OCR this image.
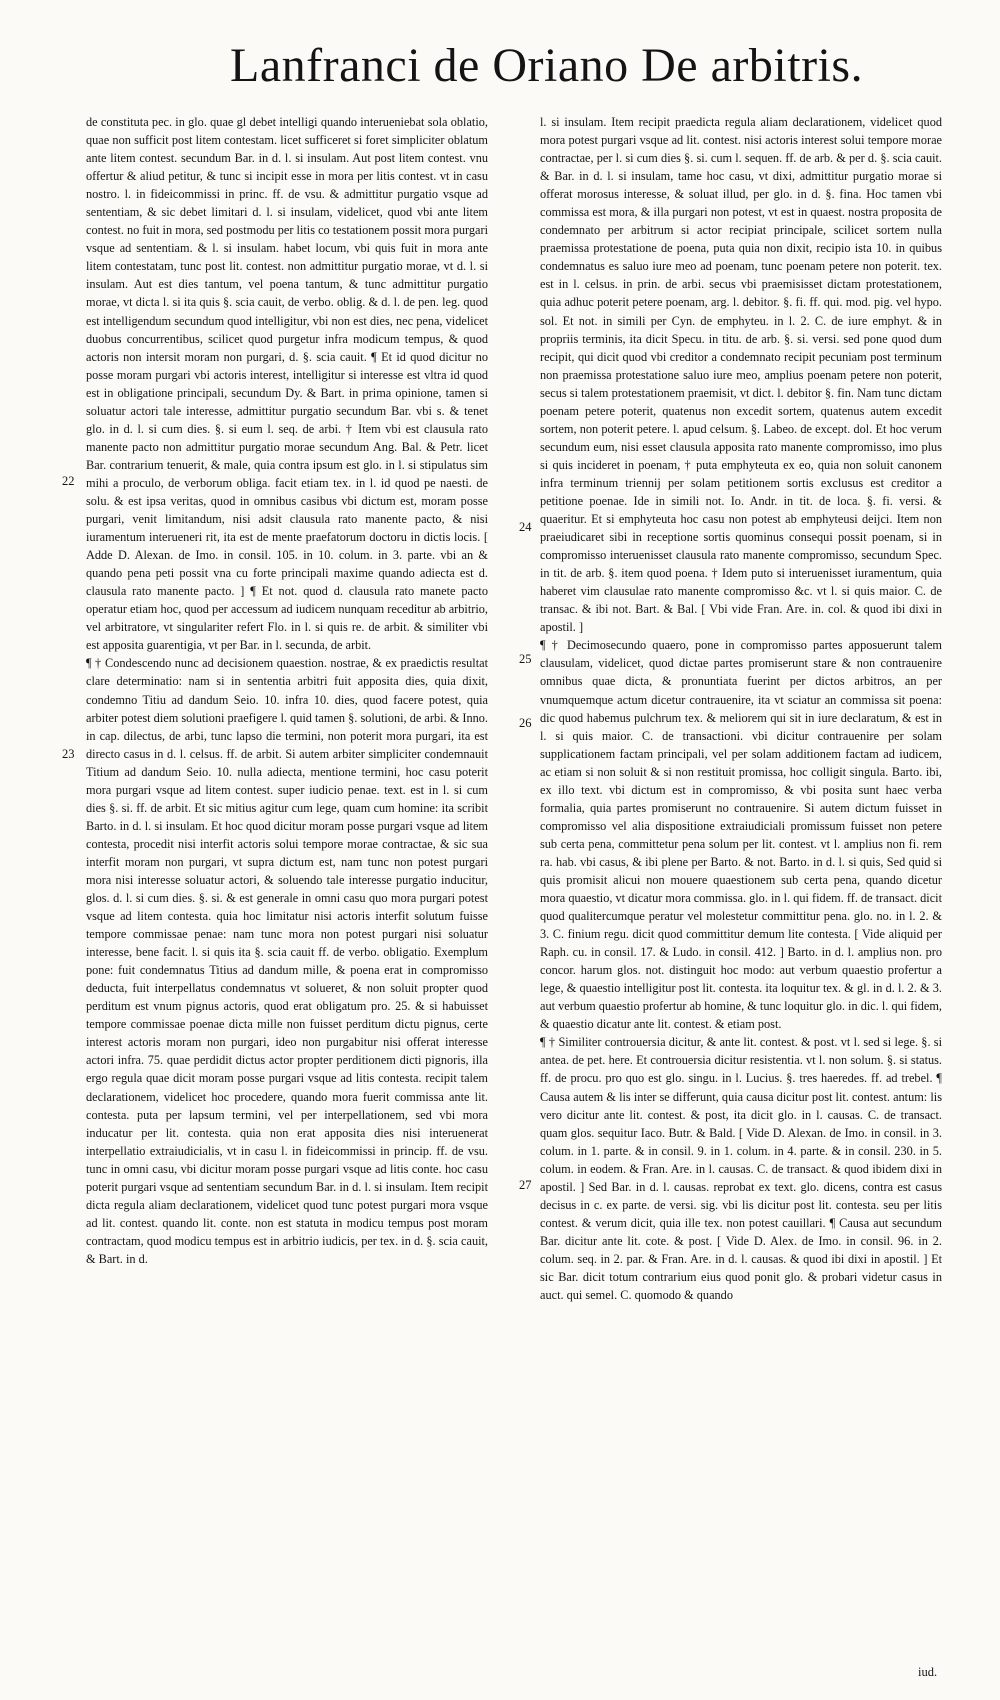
Lanfranci de Oriano De arbitris.

de constituta pec. in glo. quae gl debet intelligi quando interueniebat sola oblatio, quae non sufficit post litem contestam. licet sufficeret si foret simpliciter oblatum ante litem contest. secundum Bar. in d. l. si insulam. Aut post litem contest. vnu offertur & aliud petitur, & tunc si incipit esse in mora per litis contest. vt in casu nostro. l. in fideicommissi in princ. ff. de vsu. & admittitur purgatio vsque ad sententiam, & sic debet limitari d. l. si insulam, videlicet, quod vbi ante litem contest. no fuit in mora, sed postmodu per litis co testationem possit mora purgari vsque ad sententiam. & l. si insulam. habet locum, vbi quis fuit in mora ante litem contestatam, tunc post lit. contest. non admittitur purgatio morae, vt d. l. si insulam. Aut est dies tantum, vel poena tantum, & tunc admittitur purgatio morae, vt dicta l. si ita quis §. scia cauit, de verbo. oblig. & d. l. de pen. leg. quod est intelligendum secundum quod intelligitur, vbi non est dies, nec pena, videlicet duobus concurrentibus, scilicet quod purgetur infra modicum tempus, & quod actoris non intersit moram non purgari, d. §. scia cauit. ¶ Et id quod dicitur no posse moram purgari vbi actoris interest, intelligitur si interesse est vltra id quod est in obligatione principali, secundum Dy. & Bart. in prima opinione, tamen si soluatur actori tale interesse, admittitur purgatio secundum Bar. vbi s. & tenet glo. in d. l. si cum dies. §. si eum l. seq. de arbi. † Item vbi est clausula rato manente pacto non admittitur purgatio morae secundum Ang. Bal. & Petr. licet Bar. contrarium tenuerit, & male, quia contra ipsum est glo. in l. si stipulatus sim mihi a proculo, de verborum obliga. facit etiam tex. in l. id quod pe naesti. de solu. & est ipsa veritas, quod in omnibus casibus vbi dictum est, moram posse purgari, venit limitandum, nisi adsit clausula rato manente pacto, & nisi iuramentum interueneri rit, ita est de mente praefatorum doctoru in dictis locis. [ Adde D. Alexan. de Imo. in consil. 105. in 10. colum. in 3. parte. vbi an & quando pena peti possit vna cu forte principali maxime quando adiecta est d. clausula rato manente pacto. ] ¶ Et not. quod d. clausula rato manete pacto operatur etiam hoc, quod per accessum ad iudicem nunquam receditur ab arbitrio, vel arbitratore, vt singulariter refert Flo. in l. si quis re. de arbit. & similiter vbi est apposita guarentigia, vt per Bar. in l. secunda, de arbit.

¶ † Condescendo nunc ad decisionem quaestion. nostrae, & ex praedictis resultat clare determinatio: nam si in sententia arbitri fuit apposita dies, quia dixit, condemno Titiu ad dandum Seio. 10. infra 10. dies, quod facere potest, quia arbiter potest diem solutioni praefigere l. quid tamen §. solutioni, de arbi. & Inno. in cap. dilectus, de arbi, tunc lapso die termini, non poterit mora purgari, ita est directo casus in d. l. celsus. ff. de arbit. Si autem arbiter simpliciter condemnauit Titium ad dandum Seio. 10. nulla adiecta, mentione termini, hoc casu poterit mora purgari vsque ad litem contest. super iudicio penae. text. est in l. si cum dies §. si. ff. de arbit. Et sic mitius agitur cum lege, quam cum homine: ita scribit Barto. in d. l. si insulam. Et hoc quod dicitur moram posse purgari vsque ad litem contesta, procedit nisi interfit actoris solui tempore morae contractae, & sic sua interfit moram non purgari, vt supra dictum est, nam tunc non potest purgari mora nisi interesse soluatur actori, & soluendo tale interesse purgatio inducitur, glos. d. l. si cum dies. §. si. & est generale in omni casu quo mora purgari potest vsque ad litem contesta. quia hoc limitatur nisi actoris interfit solutum fuisse tempore commissae penae: nam tunc mora non potest purgari nisi soluatur interesse, bene facit. l. si quis ita §. scia cauit ff. de verbo. obligatio. Exemplum pone: fuit condemnatus Titius ad dandum mille, & poena erat in compromisso deducta, fuit interpellatus condemnatus vt solueret, & non soluit propter quod perditum est vnum pignus actoris, quod erat obligatum pro. 25. & si habuisset tempore commissae poenae dicta mille non fuisset perditum dictu pignus, certe interest actoris moram non purgari, ideo non purgabitur nisi offerat interesse actori infra. 75. quae perdidit dictus actor propter perditionem dicti pignoris, illa ergo regula quae dicit moram posse purgari vsque ad litis contesta. recipit talem declarationem, videlicet hoc procedere, quando mora fuerit commissa ante lit. contesta. puta per lapsum termini, vel per interpellationem, sed vbi mora inducatur per lit. contesta. quia non erat apposita dies nisi interuenerat interpellatio extraiudicialis, vt in casu l. in fideicommissi in princip. ff. de vsu. tunc in omni casu, vbi dicitur moram posse purgari vsque ad litis conte. hoc casu poterit purgari vsque ad sententiam secundum Bar. in d. l. si insulam. Item recipit dicta regula aliam declarationem, videlicet quod tunc potest purgari mora vsque ad lit. contest. quando lit. conte. non est statuta in modicu tempus post moram contractam, quod modicu tempus est in arbitrio iudicis, per tex. in d. §. scia cauit, & Bart. in d.

l. si insulam. Item recipit praedicta regula aliam declarationem, videlicet quod mora potest purgari vsque ad lit. contest. nisi actoris interest solui tempore morae contractae, per l. si cum dies §. si. cum l. sequen. ff. de arb. & per d. §. scia cauit. & Bar. in d. l. si insulam, tame hoc casu, vt dixi, admittitur purgatio morae si offerat morosus interesse, & soluat illud, per glo. in d. §. fina. Hoc tamen vbi commissa est mora, & illa purgari non potest, vt est in quaest. nostra proposita de condemnato per arbitrum si actor recipiat principale, scilicet sortem nulla praemissa protestatione de poena, puta quia non dixit, recipio ista 10. in quibus condemnatus es saluo iure meo ad poenam, tunc poenam petere non poterit. tex. est in l. celsus. in prin. de arbi. secus vbi praemisisset dictam protestationem, quia adhuc poterit petere poenam, arg. l. debitor. §. fi. ff. qui. mod. pig. vel hypo. sol. Et not. in simili per Cyn. de emphyteu. in l. 2. C. de iure emphyt. & in propriis terminis, ita dicit Specu. in titu. de arb. §. si. versi. sed pone quod dum recipit, qui dicit quod vbi creditor a condemnato recipit pecuniam post terminum non praemissa protestatione saluo iure meo, amplius poenam petere non poterit, secus si talem protestationem praemisit, vt dict. l. debitor §. fin. Nam tunc dictam poenam petere poterit, quatenus non excedit sortem, quatenus autem excedit sortem, non poterit petere. l. apud celsum. §. Labeo. de except. dol. Et hoc verum secundum eum, nisi esset clausula apposita rato manente compromisso, imo plus si quis incideret in poenam, † puta emphyteuta ex eo, quia non soluit canonem infra terminum triennij per solam petitionem sortis exclusus est creditor a petitione poenae. Ide in simili not. Io. Andr. in tit. de loca. §. fi. versi. & quaeritur. Et si emphyteuta hoc casu non potest ab emphyteusi deijci. Item non praeiudicaret sibi in receptione sortis quominus consequi possit poenam, si in compromisso interuenisset clausula rato manente compromisso, secundum Spec. in tit. de arb. §. item quod poena. † Idem puto si interuenisset iuramentum, quia haberet vim clausulae rato manente compromisso &c. vt l. si quis maior. C. de transac. & ibi not. Bart. & Bal. [ Vbi vide Fran. Are. in. col. & quod ibi dixi in apostil. ]

¶ † Decimosecundo quaero, pone in compromisso partes apposuerunt talem clausulam, videlicet, quod dictae partes promiserunt stare & non contrauenire omnibus quae dicta, & pronuntiata fuerint per dictos arbitros, an per vnumquemque actum dicetur contrauenire, ita vt sciatur an commissa sit poena: dic quod habemus pulchrum tex. & meliorem qui sit in iure declaratum, & est in l. si quis maior. C. de transactioni. vbi dicitur contrauenire per solam supplicationem factam principali, vel per solam additionem factam ad iudicem, ac etiam si non soluit & si non restituit promissa, hoc colligit singula. Barto. ibi, ex illo text. vbi dictum est in compromisso, & vbi posita sunt haec verba formalia, quia partes promiserunt no contrauenire. Si autem dictum fuisset in compromisso vel alia dispositione extraiudiciali promissum fuisset non petere sub certa pena, committetur pena solum per lit. contest. vt l. amplius non fi. rem ra. hab. vbi casus, & ibi plene per Barto. & not. Barto. in d. l. si quis, Sed quid si quis promisit alicui non mouere quaestionem sub certa pena, quando dicetur mora quaestio, vt dicatur mora commissa. glo. in l. qui fidem. ff. de transact. dicit quod qualitercumque peratur vel molestetur committitur pena. glo. no. in l. 2. & 3. C. finium regu. dicit quod committitur demum lite contesta. [ Vide aliquid per Raph. cu. in consil. 17. & Ludo. in consil. 412. ] Barto. in d. l. amplius non. pro concor. harum glos. not. distinguit hoc modo: aut verbum quaestio profertur a lege, & quaestio intelligitur post lit. contesta. ita loquitur tex. & gl. in d. l. 2. & 3. aut verbum quaestio profertur ab homine, & tunc loquitur glo. in dic. l. qui fidem, & quaestio dicatur ante lit. contest. & etiam post.

¶ † Similiter controuersia dicitur, & ante lit. contest. & post. vt l. sed si lege. §. si antea. de pet. here. Et controuersia dicitur resistentia. vt l. non solum. §. si status. ff. de procu. pro quo est glo. singu. in l. Lucius. §. tres haeredes. ff. ad trebel. ¶ Causa autem & lis inter se differunt, quia causa dicitur post lit. contest. antum: lis vero dicitur ante lit. contest. & post, ita dicit glo. in l. causas. C. de transact. quam glos. sequitur Iaco. Butr. & Bald. [ Vide D. Alexan. de Imo. in consil. in 3. colum. in 1. parte. & in consil. 9. in 1. colum. in 4. parte. & in consil. 230. in 5. colum. in eodem. & Fran. Are. in l. causas. C. de transact. & quod ibidem dixi in apostil. ] Sed Bar. in d. l. causas. reprobat ex text. glo. dicens, contra est casus decisus in c. ex parte. de versi. sig. vbi lis dicitur post lit. contesta. seu per litis contest. & verum dicit, quia ille tex. non potest cauillari. ¶ Causa aut secundum Bar. dicitur ante lit. cote. & post. [ Vide D. Alex. de Imo. in consil. 96. in 2. colum. seq. in 2. par. & Fran. Are. in d. l. causas. & quod ibi dixi in apostil. ] Et sic Bar. dicit totum contrarium eius quod ponit glo. & probari videtur casus in auct. qui semel. C. quomodo & quando

22
23
24
25
26
27
iud.
